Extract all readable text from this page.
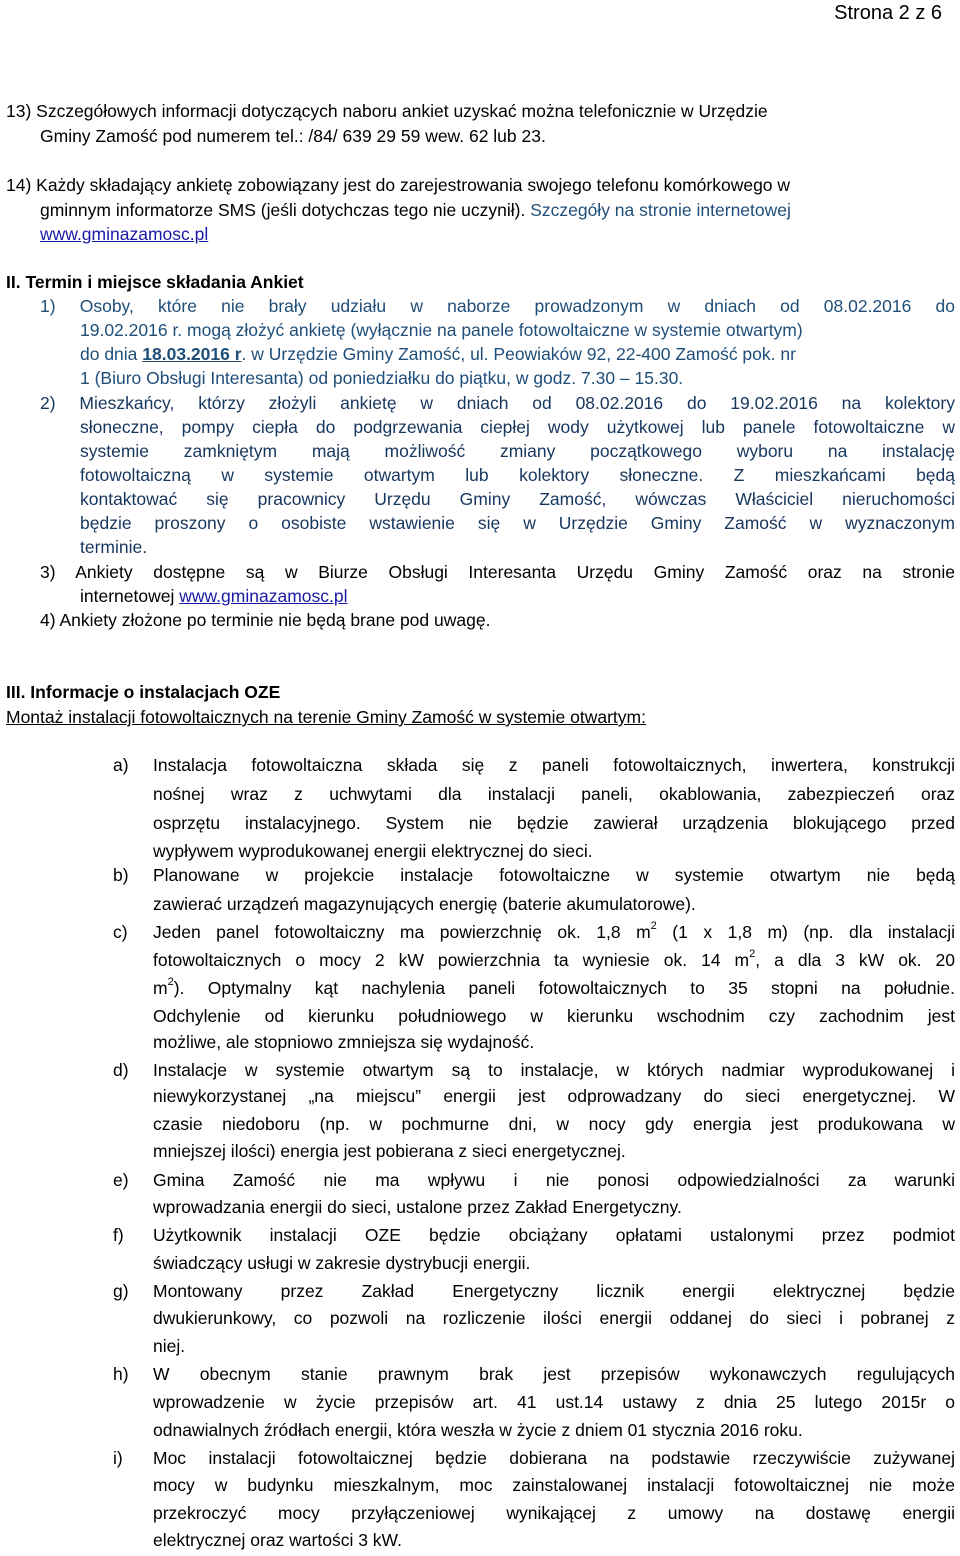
Strona 2 z 6
13) Szczegółowych informacji dotyczących naboru ankiet uzyskać można telefonicznie w Urzędzie
Gminy Zamość pod numerem tel.: /84/ 639 29 59 wew. 62 lub 23.
14) Każdy składający ankietę zobowiązany jest do zarejestrowania swojego telefonu komórkowego w
gminnym informatorze SMS (jeśli dotychczas tego nie uczynił). Szczegóły na stronie internetowej
www.gminazamosc.pl
II. Termin i miejsce składania Ankiet
1) Osoby, które nie brały udziału w naborze prowadzonym w dniach od 08.02.2016 do
19.02.2016 r. mogą złożyć ankietę (wyłącznie na panele fotowoltaiczne w systemie otwartym)
do dnia 18.03.2016 r. w Urzędzie Gminy Zamość, ul. Peowiaków 92, 22-400 Zamość pok. nr
1 (Biuro Obsługi Interesanta) od poniedziałku do piątku, w godz. 7.30 – 15.30.
2) Mieszkańcy, którzy złożyli ankietę w dniach od 08.02.2016 do 19.02.2016 na kolektory
słoneczne, pompy ciepła do podgrzewania ciepłej wody użytkowej lub panele fotowoltaiczne w
systemie zamkniętym mają możliwość zmiany początkowego wyboru na instalację
fotowoltaiczną w systemie otwartym lub kolektory słoneczne. Z mieszkańcami będą
kontaktować się pracownicy Urzędu Gminy Zamość, wówczas Właściciel nieruchomości
będzie proszony o osobiste wstawienie się w Urzędzie Gminy Zamość w wyznaczonym
terminie.
3) Ankiety dostępne są w Biurze Obsługi Interesanta Urzędu Gminy Zamość oraz na stronie
internetowej www.gminazamosc.pl
4) Ankiety złożone po terminie nie będą brane pod uwagę.
III. Informacje o instalacjach OZE
Montaż instalacji fotowoltaicznych na terenie Gminy Zamość w systemie otwartym:
a) Instalacja fotowoltaiczna składa się z paneli fotowoltaicznych, inwertera, konstrukcji
nośnej wraz z uchwytami dla instalacji paneli, okablowania, zabezpieczeń oraz
osprzętu instalacyjnego. System nie będzie zawierał urządzenia blokującego przed
wypływem wyprodukowanej energii elektrycznej do sieci.
b) Planowane w projekcie instalacje fotowoltaiczne w systemie otwartym nie będą
zawierać urządzeń magazynujących energię (baterie akumulatorowe).
c) Jeden panel fotowoltaiczny ma powierzchnię ok. 1,8 $m^2$ (1 x 1,8 m) (np. dla instalacji
fotowoltaicznych o mocy 2 kW powierzchnia ta wyniesie ok. 14 $m^2$, a dla 3 kW ok. 20
$m^2$). Optymalny kąt nachylenia paneli fotowoltaicznych to 35 stopni na południe.
Odchylenie od kierunku południowego w kierunku wschodnim czy zachodnim jest
możliwe, ale stopniowo zmniejsza się wydajność.
d) Instalacje w systemie otwartym są to instalacje, w których nadmiar wyprodukowanej i
niewykorzystanej „na miejscu” energii jest odprowadzany do sieci energetycznej. W
czasie niedoboru (np. w pochmurne dni, w nocy gdy energia jest produkowana w
mniejszej ilości) energia jest pobierana z sieci energetycznej.
e) Gmina Zamość nie ma wpływu i nie ponosi odpowiedzialności za warunki
wprowadzania energii do sieci, ustalone przez Zakład Energetyczny.
f) Użytkownik instalacji OZE będzie obciążany opłatami ustalonymi przez podmiot
świadczący usługi w zakresie dystrybucji energii.
g) Montowany przez Zakład Energetyczny licznik energii elektrycznej będzie
dwukierunkowy, co pozwoli na rozliczenie ilości energii oddanej do sieci i pobranej z
niej.
h) W obecnym stanie prawnym brak jest przepisów wykonawczych regulujących
wprowadzenie w życie przepisów art. 41 ust.14 ustawy z dnia 25 lutego 2015r o
odnawialnych źródłach energii, która weszła w życie z dniem 01 stycznia 2016 roku.
i) Moc instalacji fotowoltaicznej będzie dobierana na podstawie rzeczywiście zużywanej
mocy w budynku mieszkalnym, moc zainstalowanej instalacji fotowoltaicznej nie może
przekroczyć mocy przyłączeniowej wynikającej z umowy na dostawę energii
elektrycznej oraz wartości 3 kW.
